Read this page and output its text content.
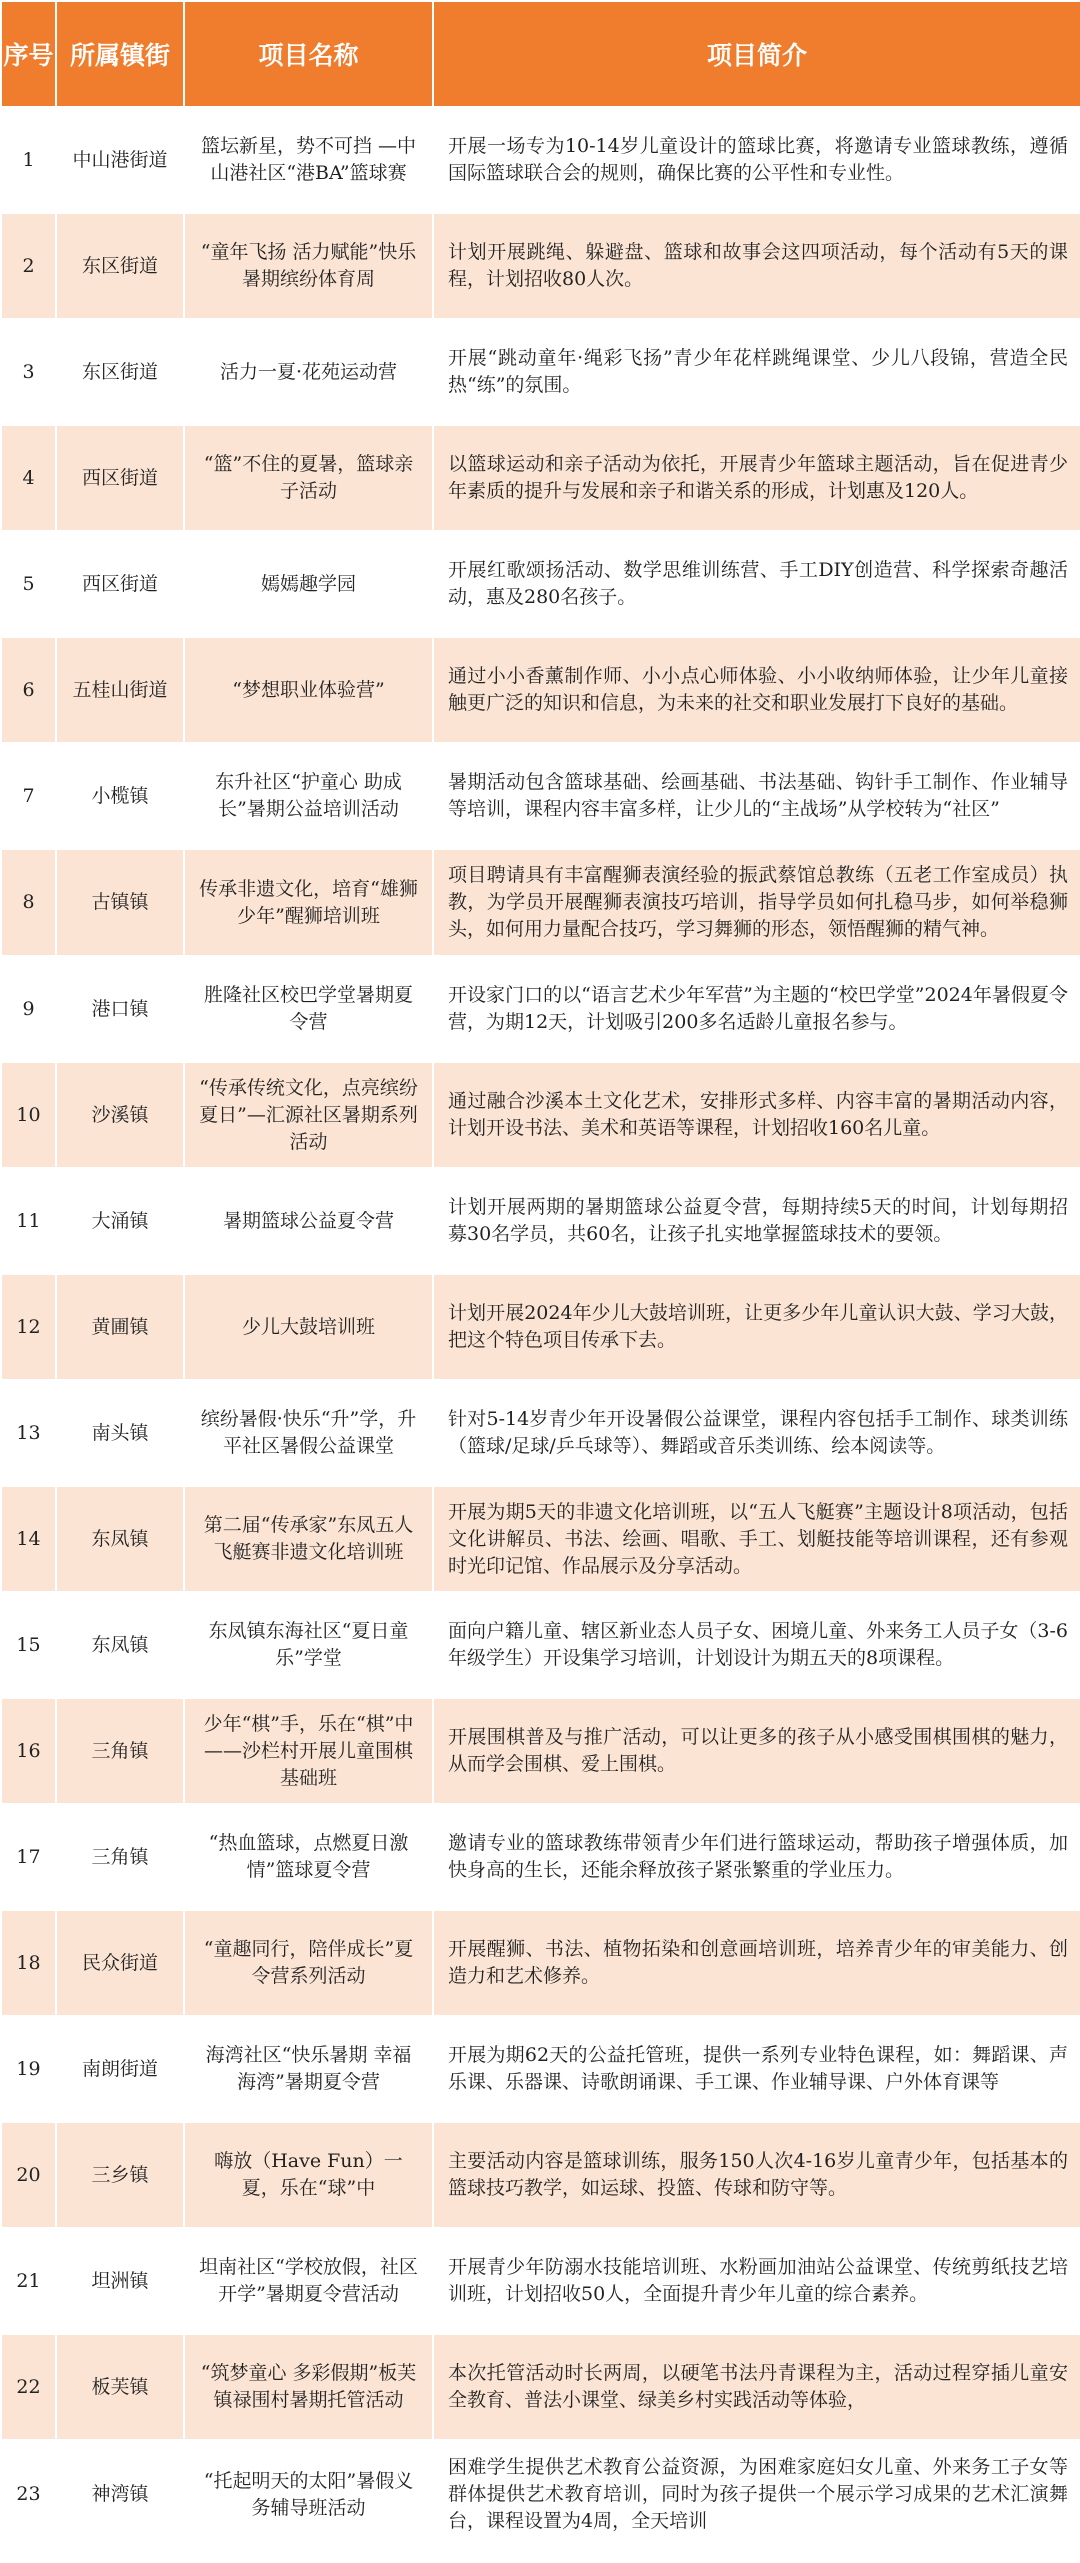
序号	所属镇街	项目名称	项目简介
1	中山港街道	篮坛新星，势不可挡 —中山港社区“港BA”篮球赛	开展一场专为10-14岁儿童设计的篮球比赛，将邀请专业篮球教练，遵循国际篮球联合会的规则，确保比赛的公平性和专业性。
2	东区街道	“童年飞扬 活力赋能”快乐暑期缤纷体育周	计划开展跳绳、躲避盘、篮球和故事会这四项活动，每个活动有5天的课程，计划招收80人次。
3	东区街道	活力一夏·花苑运动营	开展“跳动童年·绳彩飞扬”青少年花样跳绳课堂、少儿八段锦，营造全民热“练”的氛围。
4	西区街道	“篮”不住的夏暑，篮球亲子活动	以篮球运动和亲子活动为依托，开展青少年篮球主题活动，旨在促进青少年素质的提升与发展和亲子和谐关系的形成，计划惠及120人。
5	西区街道	嫣嫣趣学园	开展红歌颂扬活动、数学思维训练营、手工DIY创造营、科学探索奇趣活动，惠及280名孩子。
6	五桂山街道	“梦想职业体验营”	通过小小香薰制作师、小小点心师体验、小小收纳师体验，让少年儿童接触更广泛的知识和信息，为未来的社交和职业发展打下良好的基础。
7	小榄镇	东升社区“护童心 助成长”暑期公益培训活动	暑期活动包含篮球基础、绘画基础、书法基础、钩针手工制作、作业辅导等培训，课程内容丰富多样，让少儿的“主战场”从学校转为“社区”
8	古镇镇	传承非遗文化，培育“雄狮少年”醒狮培训班	项目聘请具有丰富醒狮表演经验的振武蔡馆总教练（五老工作室成员）执教，为学员开展醒狮表演技巧培训，指导学员如何扎稳马步，如何举稳狮头，如何用力量配合技巧，学习舞狮的形态，领悟醒狮的精气神。
9	港口镇	胜隆社区校巴学堂暑期夏令营	开设家门口的以“语言艺术少年军营”为主题的“校巴学堂”2024年暑假夏令营，为期12天，计划吸引200多名适龄儿童报名参与。
10	沙溪镇	“传承传统文化，点亮缤纷夏日”—汇源社区暑期系列活动	通过融合沙溪本土文化艺术，安排形式多样、内容丰富的暑期活动内容，计划开设书法、美术和英语等课程，计划招收160名儿童。
11	大涌镇	暑期篮球公益夏令营	计划开展两期的暑期篮球公益夏令营，每期持续5天的时间，计划每期招募30名学员，共60名，让孩子扎实地掌握篮球技术的要领。
12	黄圃镇	少儿大鼓培训班	计划开展2024年少儿大鼓培训班，让更多少年儿童认识大鼓、学习大鼓，把这个特色项目传承下去。
13	南头镇	缤纷暑假·快乐“升”学，升平社区暑假公益课堂	针对5-14岁青少年开设暑假公益课堂，课程内容包括手工制作、球类训练（篮球/足球/乒乓球等）、舞蹈或音乐类训练、绘本阅读等。
14	东凤镇	第二届“传承家”东凤五人飞艇赛非遗文化培训班	开展为期5天的非遗文化培训班，以“五人飞艇赛”主题设计8项活动，包括文化讲解员、书法、绘画、唱歌、手工、划艇技能等培训课程，还有参观时光印记馆、作品展示及分享活动。
15	东凤镇	东凤镇东海社区“夏日童乐”学堂	面向户籍儿童、辖区新业态人员子女、困境儿童、外来务工人员子女（3-6年级学生）开设集学习培训，计划设计为期五天的8项课程。
16	三角镇	少年“棋”手，乐在“棋”中——沙栏村开展儿童围棋基础班	开展围棋普及与推广活动，可以让更多的孩子从小感受围棋围棋的魅力，从而学会围棋、爱上围棋。
17	三角镇	“热血篮球，点燃夏日激情”篮球夏令营	邀请专业的篮球教练带领青少年们进行篮球运动，帮助孩子增强体质，加快身高的生长，还能余释放孩子紧张繁重的学业压力。
18	民众街道	“童趣同行，陪伴成长”夏令营系列活动	开展醒狮、书法、植物拓染和创意画培训班，培养青少年的审美能力、创造力和艺术修养。
19	南朗街道	海湾社区“快乐暑期 幸福海湾”暑期夏令营	开展为期62天的公益托管班，提供一系列专业特色课程，如：舞蹈课、声乐课、乐器课、诗歌朗诵课、手工课、作业辅导课、户外体育课等
20	三乡镇	嗨放（Have Fun）一夏，乐在“球”中	主要活动内容是篮球训练，服务150人次4-16岁儿童青少年，包括基本的篮球技巧教学，如运球、投篮、传球和防守等。
21	坦洲镇	坦南社区“学校放假，社区开学”暑期夏令营活动	开展青少年防溺水技能培训班、水粉画加油站公益课堂、传统剪纸技艺培训班，计划招收50人，全面提升青少年儿童的综合素养。
22	板芙镇	“筑梦童心 多彩假期”板芙镇禄围村暑期托管活动	本次托管活动时长两周，以硬笔书法丹青课程为主，活动过程穿插儿童安全教育、普法小课堂、绿美乡村实践活动等体验，
23	神湾镇	“托起明天的太阳”暑假义务辅导班活动	困难学生提供艺术教育公益资源，为困难家庭妇女儿童、外来务工子女等群体提供艺术教育培训，同时为孩子提供一个展示学习成果的艺术汇演舞台，课程设置为4周，全天培训
